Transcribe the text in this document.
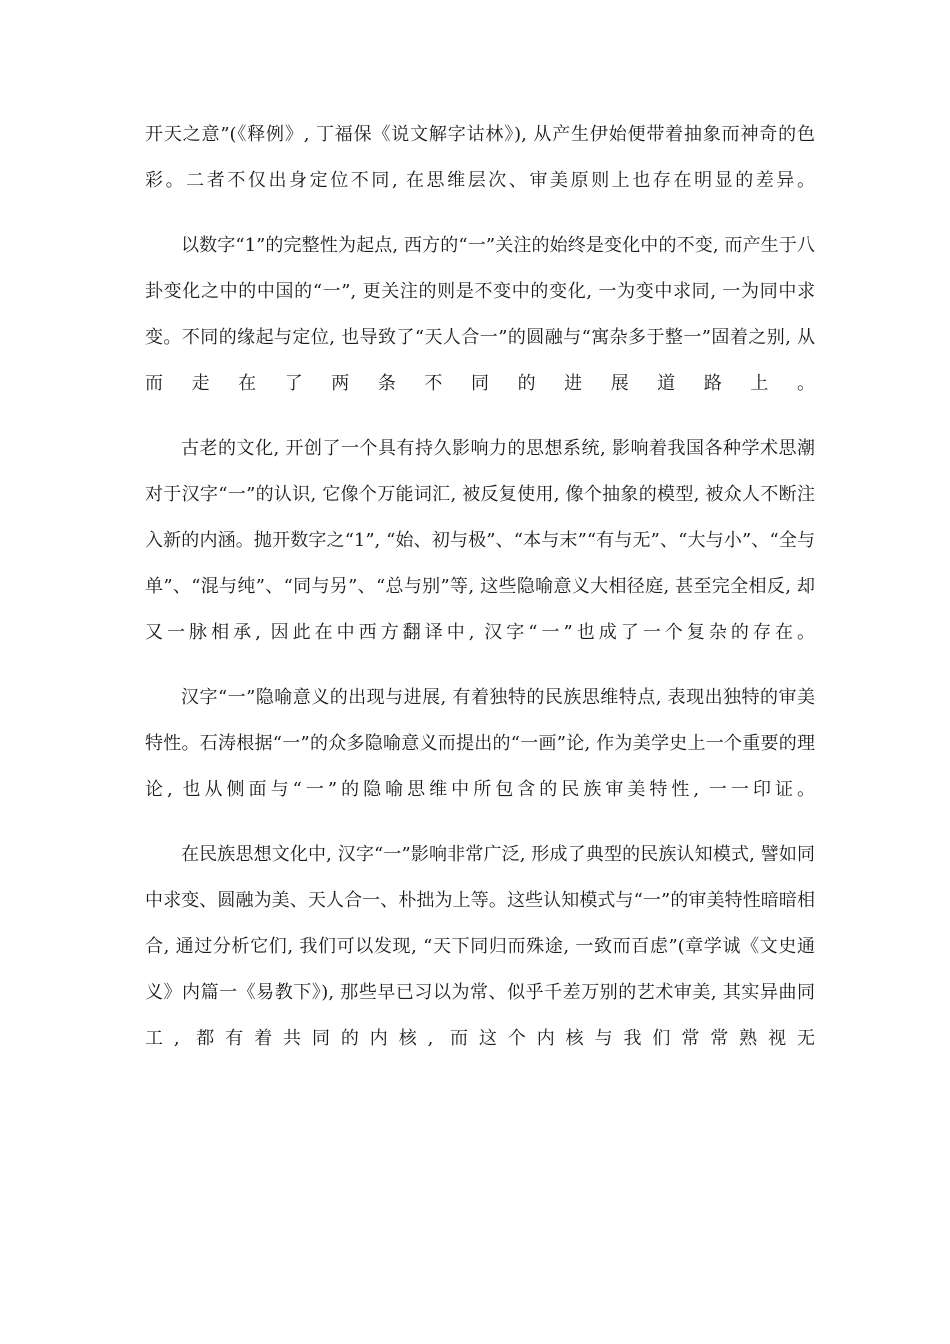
开天之意”(《释例》, 丁福保《说文解字诂林》), 从产生伊始便带着抽象而神奇的色彩。二者不仅出身定位不同, 在思维层次、审美原则上也存在明显的差异。

以数字“1”的完整性为起点, 西方的“一”关注的始终是变化中的不变, 而产生于八卦变化之中的中国的“一”, 更关注的则是不变中的变化, 一为变中求同, 一为同中求变。不同的缘起与定位, 也导致了“天人合一”的圆融与“寓杂多于整一”固着之别, 从而走在了两条不同的进展道路上。

古老的文化, 开创了一个具有持久影响力的思想系统, 影响着我国各种学术思潮对于汉字“一”的认识, 它像个万能词汇, 被反复使用, 像个抽象的模型, 被众人不断注入新的内涵。抛开数字之“1”, “始、初与极”、“本与末”“有与无”、“大与小”、“全与单”、“混与纯”、“同与另”、“总与别”等, 这些隐喻意义大相径庭, 甚至完全相反, 却又一脉相承, 因此在中西方翻译中, 汉字“一”也成了一个复杂的存在。

汉字“一”隐喻意义的出现与进展, 有着独特的民族思维特点, 表现出独特的审美特性。石涛根据“一”的众多隐喻意义而提出的“一画”论, 作为美学史上一个重要的理论, 也从侧面与“一”的隐喻思维中所包含的民族审美特性, 一一印证。

在民族思想文化中, 汉字“一”影响非常广泛, 形成了典型的民族认知模式, 譬如同中求变、圆融为美、天人合一、朴拙为上等。这些认知模式与“一”的审美特性暗暗相合, 通过分析它们, 我们可以发现, “天下同归而殊途, 一致而百虑”(章学诚《文史通义》内篇一《易教下》), 那些早已习以为常、似乎千差万别的艺术审美, 其实异曲同工, 都有着共同的内核, 而这个内核与我们常常熟视无
